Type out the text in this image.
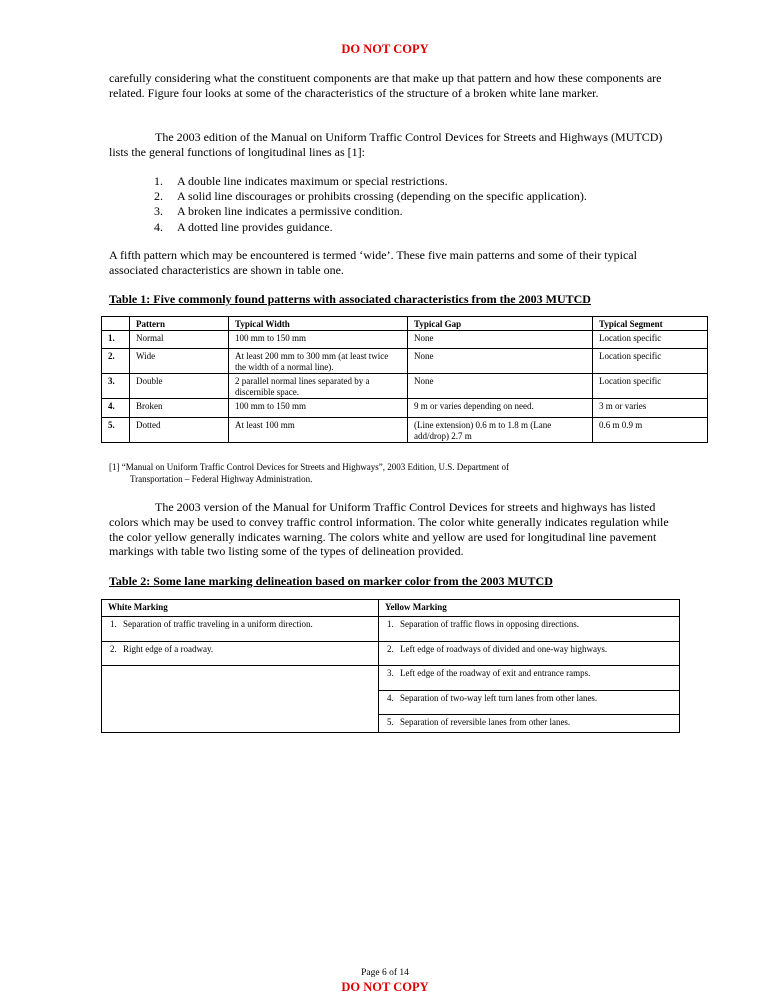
DO NOT COPY
carefully considering what the constituent components are that make up that pattern and how these components are related. Figure four looks at some of the characteristics of the structure of a broken white lane marker.
The 2003 edition of the Manual on Uniform Traffic Control Devices for Streets and Highways (MUTCD) lists the general functions of longitudinal lines as [1]:
1.	A double line indicates maximum or special restrictions.
2.	A solid line discourages or prohibits crossing (depending on the specific application).
3.	A broken line indicates a permissive condition.
4.	A dotted line provides guidance.
A fifth pattern which may be encountered is termed ‘wide’. These five main patterns and some of their typical associated characteristics are shown in table one.
Table 1: Five commonly found patterns with associated characteristics from the 2003 MUTCD
	Pattern	Typical Width	Typical Gap	Typical Segment
1.	Normal	100 mm to 150 mm	None	Location specific
2.	Wide	At least 200 mm to 300 mm (at least twice the width of a normal line).	None	Location specific
3.	Double	2 parallel normal lines separated by a discernible space.	None	Location specific
4.	Broken	100 mm to 150 mm	9 m or varies depending on need.	3 m or varies
5.	Dotted	At least 100 mm	(Line extension) 0.6 m to 1.8 m (Lane add/drop) 2.7 m	0.6 m 0.9 m
[1] “Manual on Uniform Traffic Control Devices for Streets and Highways”, 2003 Edition, U.S. Department of
Transportation – Federal Highway Administration.
The 2003 version of the Manual for Uniform Traffic Control Devices for streets and highways has listed colors which may be used to convey traffic control information. The color white generally indicates regulation while the color yellow generally indicates warning. The colors white and yellow are used for longitudinal line pavement markings with table two listing some of the types of delineation provided.
Table 2: Some lane marking delineation based on marker color from the 2003 MUTCD
White Marking	Yellow Marking

1. Separation of traffic traveling in a uniform direction.	1. Separation of traffic flows in opposing directions.

2. Right edge of a roadway.	2. Left edge of roadways of divided and one-way highways.

	3. Left edge of the roadway of exit and entrance ramps.

	4. Separation of two-way left turn lanes from other lanes.

	5. Separation of reversible lanes from other lanes.
Page 6 of 14
DO NOT COPY
